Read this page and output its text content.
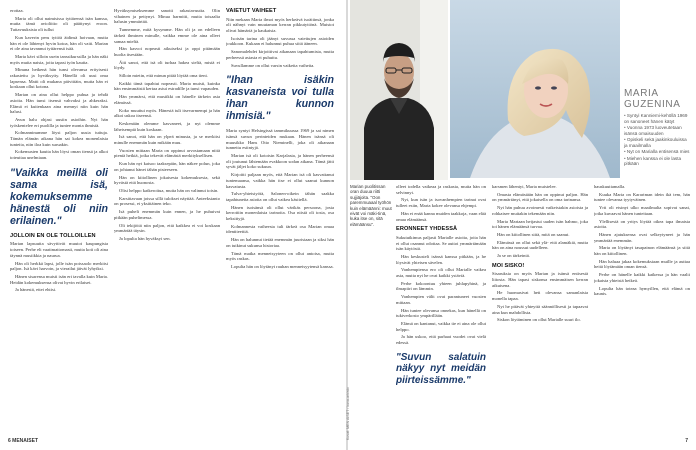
erottaa.

Maria oli ollut naimisissa tyttärensä isän kanssa, mutta tämä avioliitto oli päättynyt eroon. Tuttavuuksista oli tullut

Kun kaverin peru tyttöä äidinsä hoivaan, mutta hän ei ole lähtenyt hyvin kotoa, hän oli vaiti. Marian ei ole aina tavannut tyttärensä isää.

Maria kävi silloin usein tanssikurssilla ja hän näki myös muita naisia, joita tapasi työn kautta.

Minuna hetkenä hän tunsi olevansa erityisesti rakastettu ja hyväksytty. Hänellä oli uusi oma lapsensa. Matti oli mukana päivittäin, mutta hän ei koskaan ollut kotona.

Marian on aina ollut helppo puhua ja tehdä asioita. Hän tunsi itsensä vahvaksi ja ahkeraksi. Elämä ei kuitenkaan aina mennyt niin kuin hän halusi.

Avun halu ohjasi uusiin asioihin. Nyt hän työskentelee eri puolilla ja tuntee monta ihmistä.

Kolmanninumme löysi paljon uusia tuttuja. Tämän elämän aikana hän sai kokea monenlaisia tunteita, niin iloa kuin suruakin.

Kokemusten kautta hän löysi oman tiensä ja alkoi toteuttaa unelmiaan.

"Vaikka meillä oli sama isä, kokemuksemme hänestä oli niin erilainen."
JOLLOIN EN OLE TOLLOILLEN

Marian lapsuutta sävyttivät muutot kaupungista toiseen. Perhe eli vaatimattomasti, mutta koti oli aina täynnä musiikkia ja naurua.

Hän oli herkkä lapsi, jolle isän poissaolo merkitsi paljon. Isä kävi harvoin, ja vierailut jäivät lyhyiksi.

Hänen sisarensa muisti isän eri tavalla kuin Maria. Heidän kokemuksensa olivat hyvin erilaiset.

Ja hänestä, ettei ehtisi.

Hyväksymiseksemme sanotti rakastavuutta. Olin vihainen ja pettynyt. Minua harmitti, mutta toisaalta halusin ymmärtää.

Tunnemme, mitä kysymme. Hän oli ja on edelleen tärkeä ihminen minulle, vaikka emme ole aina olleet samaa mieltä.

Hän kasvoi nopeasti aikuiseksi ja oppi pitämään huolta itsestään.

Äiti sanoi, että isä oli turhaa hakea sieltä, mistä ei löydy.

Silloin mietin, että minun pitää löytää oma tieni.

Kaikki tämä tapahtui nopeasti. Maria muisti, kuinka hän ensimmäistä kertaa astui estradille ja tunsi vapauden.

Hän ymmärsi, että musiikki on hänelle tärkein asia elämässä.

Koko muuttui myös. Hänestä tuli itsevarmempi ja hän alkoi uskoa itseensä.

Keskenään olemme kasvaneet, ja nyt olemme läheisempiä kuin koskaan.

Isä sanoi, että hän on ylpeä minusta, ja se merkitsi minulle enemmän kuin mikään muu.

Vuosien mittaan Maria on oppinut arvostamaan niitä pieniä hetkiä, jotka tekevät elämästä merkityksellisen.

Kun hän nyt katsoo taaksepäin, hän näkee polun, joka on johtanut hänet tähän pisteeseen.

Hän on kiitollinen jokaisesta kokemuksesta, sekä hyvästä että huonosta.

Olisi helppo katkeroitua, mutta hän on valinnut toisin.

Karsittavaan joissa sillä tulokset näyttää. Anteeksianto on prosessi, ei yksittäinen teko.

Isä puheli enemmän kuin ennen, ja he puhuivat pitkään puhelimessa.

Oli tekijöitä niin paljon, että kaikkea ei voi koskaan ymmärtää täysin.

Ja lopulta hän hyväksyi sen.

VAIEТUT VAIHEET

Niin mekaan Maria ilmoi myös herkeävä isoäitinsä, jonka oli nähnyt vain muutaman kerran pikkutyttönä. Muistot olivat hämäriä ja kaukaisia.

Isoisän tarina oli jäänyt suvussa vaiettujen asioiden joukkoon. Kukaan ei halunnut puhua siitä ääneen.

Sanomalehdet kirjoittivat aikanaan tapahtumista, mutta perheessä asiasta ei puhuttu.

Suvullamme on ollut varsin vaikeita vaiheita.

"Ihan isäkin kasvaneista voi tulla ihan kunnon ihmisiä."

Maria syntyi Helsingissä tammikuussa 1969 ja sai nimen isänsä suvun perinteiden mukaan. Hänen isänsä oli muusikko Hans Otto Nieminelli, joka oli aikanaan tunnettu esiintyjä.

Marian isä oli kotoisin Karjalasta, ja hänen perheensä oli joutunut lähtemään evakkoon sodan aikana. Tämä jätti syvät jäljet koko sukuun.

Kirjoitti paljaan myös, että Marian isä oli kasvattanut tuntemaansa, vaikka hän itse ei ollut saanut kunnon kasvatusta.

Tulva-yhteistyötä, Salonen-oikein tähän saakka tapahtuneita asioita on ollut vaikea käsitellä.

Hänen isoisänsä oli ollut värikäs persoona, josta kerrottiin monenlaisia tarinoita. Osa niistä oli tosia, osa keksittyjä.

Kolmannesta vaiheesta tuli tärkeä osa Marian omaa identiteettiä.

Hän on halunnut tietää enemmän juuristaan ja siksi hän on tutkinut sukunsa historiaa.

Tämä matka menneisyyteen on ollut antoisa, mutta myös raskas.

Lopulta hän on löytänyt rauhan menneisyytensä kanssa.

6 MENAISET
Marian puolitissan oran duuua riitti sujjiäjoita. "Oon paremmuaaal työhön kuin elämäänni: muut eivät voi mäki-tinä, kuka itse on, sitä elämäänsu".
MARIA GUZENINA
• Syntyi Kanniemi-kehöllä 1969 on sanoneet hänen kätyt
• Vuonna 1973 luoveutetaan isänsä omaisuuden
• Opiskeli sekä jaakinkouluissa ja maailmalla
• Nyt on Marialla entisensä mies
• Miehen kanssa ei ole lasta pitkään

olleet todella vaikeaa ja raskasta, mutta hän on selvinnyt.

Nyt, kun isän ja isovanhempien tarinat ovat tulleet esiin, Maria kokee olevansa ehjempi.

Hän ei enää kanna muiden taakkoja, vaan elää omaa elämäänsä.

ERONNEET YHDESSÄ

Sukututkimus paljasti Marialle asioita, joita hän ei ollut osannut odottaa. Se auttoi ymmärtämään isän käytöstä.

Hän keskusteli isänsä kanssa pitkään, ja he löysivät yhteisen sävelen.

Vanhempiensa ero oli ollut Marialle vaikea asia, mutta nyt he ovat kaikki ystäviä.

Perhe kokoontuu yhteen juhlapyhinä, ja ilmapiiri on lämmin.

Vanhempien välit ovat parantuneet vuosien mittaan.

Hän tuntee olevansa onnekas, kun hänellä on tukiverkosto ympärillään.

Elämä on kantanut, vaikka tie ei aina ole ollut helppo.

Ja hän uskoo, että parhaat vuodet ovat vielä edessä.

"Suvun salatuin näkyy nyt meidän piirteissämme."

karsmen lähentyi, Maria muistelee.

Omasta elämästään hän on oppinut paljon. Hän on ymmärtänyt, että jokaisella on oma tarinansa.

Nyt hän puhuu avoimesti vaikeistakin asioista ja rohkaisee muitakin tekemään niin.

Maria Mariaan heijastui uuden isän hahmo, joka toi hänen elämäänsä turvaa.

Hän on kiitollinen siitä, mitä on saanut.

Elämässä on ollut sekä ylä- että alamäkiä, mutta hän on aina noussut uudelleen.

Ja se on tärkeintä.

MOI SISKO!

Sisaruksia on myös Marian ja isänsä entisestä liitosta. Hän tapasi siskonsa ensimmäisen kerran aikuisena.

He huomasivat heti olevansa samanlaisia monella tapaa.

Nyt he pitävät yhteyttä säännöllisesti ja tapaavat aina kun mahdollista.

Siskon löytäminen on ollut Marialle suuri ilo.

hauskuuttamalla.

Kuuka Maria on Karariman idein ikä tem, hän tuntee olevansa tyytyväinen.

Yrti oli etsinyt ulko maailmalta sopivat sanat, jotka kuvaavat hänen tunteitaan.

Ylellisestä on yritys löytää oikea tapa ilmaista asioita.

Hänen ajatuksensa ovat selkeytyneet ja hän ymmärtää enemmän.

Maria on löytänyt tasapainon elämäänsä ja siitä hän on kiitollinen.

Hän haluaa jakaa kokemuksiaan muille ja auttaa heitä löytämään oman tiensä.

Perhe on hänelle kaikki kaikessa ja hän vaalii jokaista yhteistä hetkeä.

Lopulta hän toteaa hymyillen, että elämä on kaunis.

Kuvat: MEN AISET / kuva-arkisto
7
